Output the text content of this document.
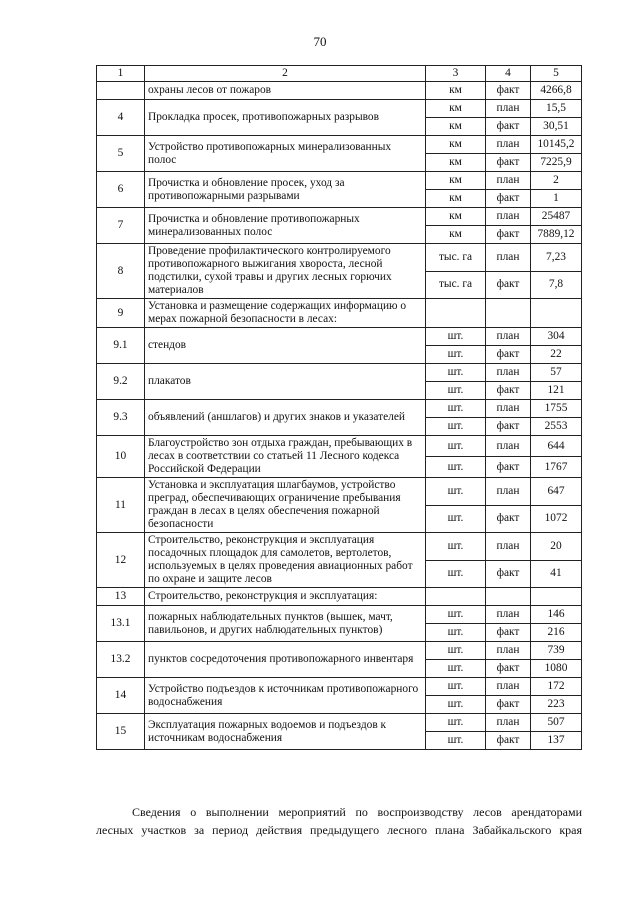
70
1	2	3	4	5
	охраны лесов от пожаров	км	факт	4266,8
4	Прокладка просек, противопожарных разрывов	км	план	15,5
		км	факт	30,51
5	Устройство противопожарных минерализованных полос	км	план	10145,2
		км	факт	7225,9
6	Прочистка и обновление просек, уход за противопожарными разрывами	км	план	2
		км	факт	1
7	Прочистка и обновление противопожарных минерализованных полос	км	план	25487
		км	факт	7889,12
8	Проведение профилактического контролируемого противопожарного выжигания хвороста, лесной подстилки, сухой травы и других лесных горючих материалов	тыс. га	план	7,23
		тыс. га	факт	7,8
9	Установка и размещение содержащих информацию о мерах пожарной безопасности в лесах:			
9.1	стендов	шт.	план	304
		шт.	факт	22
9.2	плакатов	шт.	план	57
		шт.	факт	121
9.3	объявлений (аншлагов) и других знаков и указателей	шт.	план	1755
		шт.	факт	2553
10	Благоустройство зон отдыха граждан, пребывающих в лесах в соответствии со статьей 11 Лесного кодекса Российской Федерации	шт.	план	644
		шт.	факт	1767
11	Установка и эксплуатация шлагбаумов, устройство преград, обеспечивающих ограничение пребывания граждан в лесах в целях обеспечения пожарной безопасности	шт.	план	647
		шт.	факт	1072
12	Строительство, реконструкция и эксплуатация посадочных площадок для самолетов, вертолетов, используемых в целях проведения авиационных работ по охране и защите лесов	шт.	план	20
		шт.	факт	41
13	Строительство, реконструкция и эксплуатация:			
13.1	пожарных наблюдательных пунктов (вышек, мачт, павильонов, и других наблюдательных пунктов)	шт.	план	146
		шт.	факт	216
13.2	пунктов сосредоточения противопожарного инвентаря	шт.	план	739
		шт.	факт	1080
14	Устройство подъездов к источникам противопожарного водоснабжения	шт.	план	172
		шт.	факт	223
15	Эксплуатация пожарных водоемов и подъездов к источникам водоснабжения	шт.	план	507
		шт.	факт	137
Сведения о выполнении мероприятий по воспроизводству лесов арендаторами
лесных участков за период действия предыдущего лесного плана Забайкальского края
